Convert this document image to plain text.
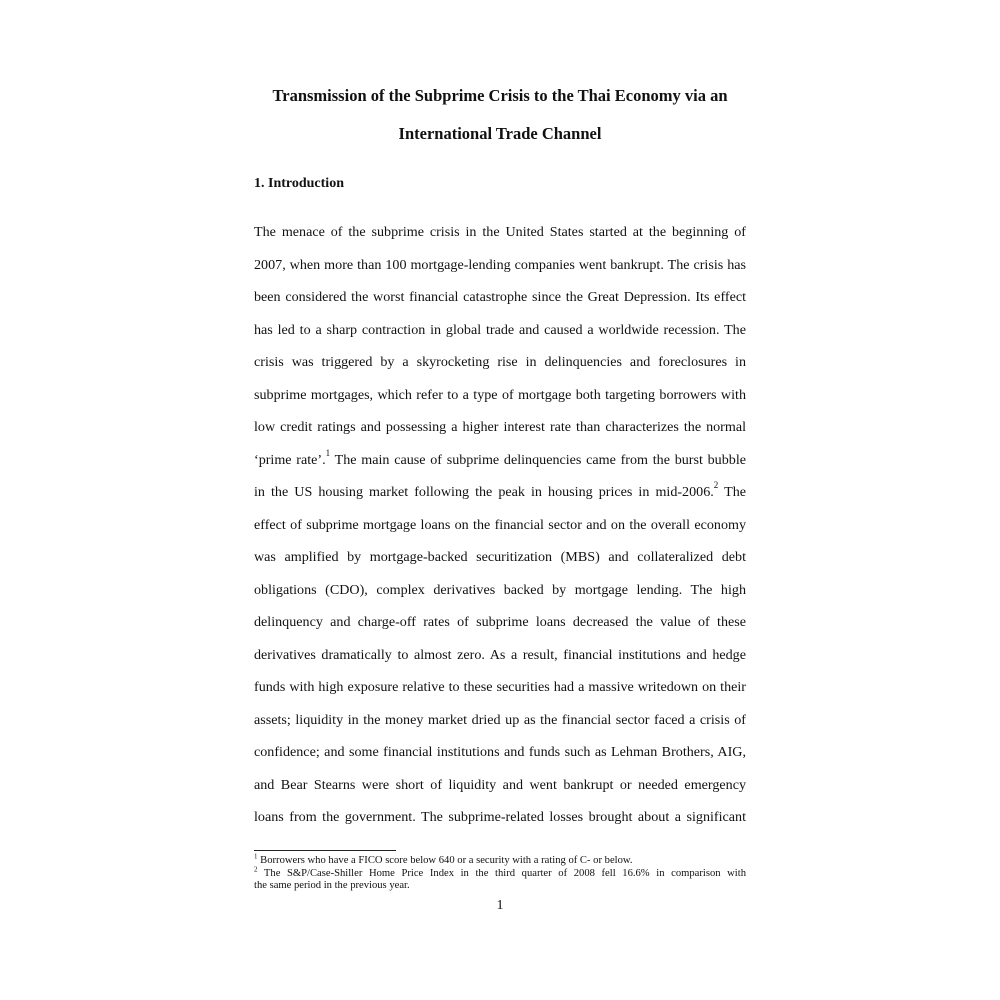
Transmission of the Subprime Crisis to the Thai Economy via an
International Trade Channel
1. Introduction
The menace of the subprime crisis in the United States started at the beginning of
2007, when more than 100 mortgage-lending companies went bankrupt. The crisis has
been considered the worst financial catastrophe since the Great Depression. Its effect
has led to a sharp contraction in global trade and caused a worldwide recession. The
crisis was triggered by a skyrocketing rise in delinquencies and foreclosures in
subprime mortgages, which refer to a type of mortgage both targeting borrowers with
low credit ratings and possessing a higher interest rate than characterizes the normal
‘prime rate’.$^1$ The main cause of subprime delinquencies came from the burst bubble
in the US housing market following the peak in housing prices in mid-2006.$^2$ The
effect of subprime mortgage loans on the financial sector and on the overall economy
was amplified by mortgage-backed securitization (MBS) and collateralized debt
obligations (CDO), complex derivatives backed by mortgage lending. The high
delinquency and charge-off rates of subprime loans decreased the value of these
derivatives dramatically to almost zero. As a result, financial institutions and hedge
funds with high exposure relative to these securities had a massive writedown on their
assets; liquidity in the money market dried up as the financial sector faced a crisis of
confidence; and some financial institutions and funds such as Lehman Brothers, AIG,
and Bear Stearns were short of liquidity and went bankrupt or needed emergency
loans from the government. The subprime-related losses brought about a significant
$^1$ Borrowers who have a FICO score below 640 or a security with a rating of C- or below.
$^2$ The S&P/Case-Shiller Home Price Index in the third quarter of 2008 fell 16.6% in comparison with
the same period in the previous year.
1
